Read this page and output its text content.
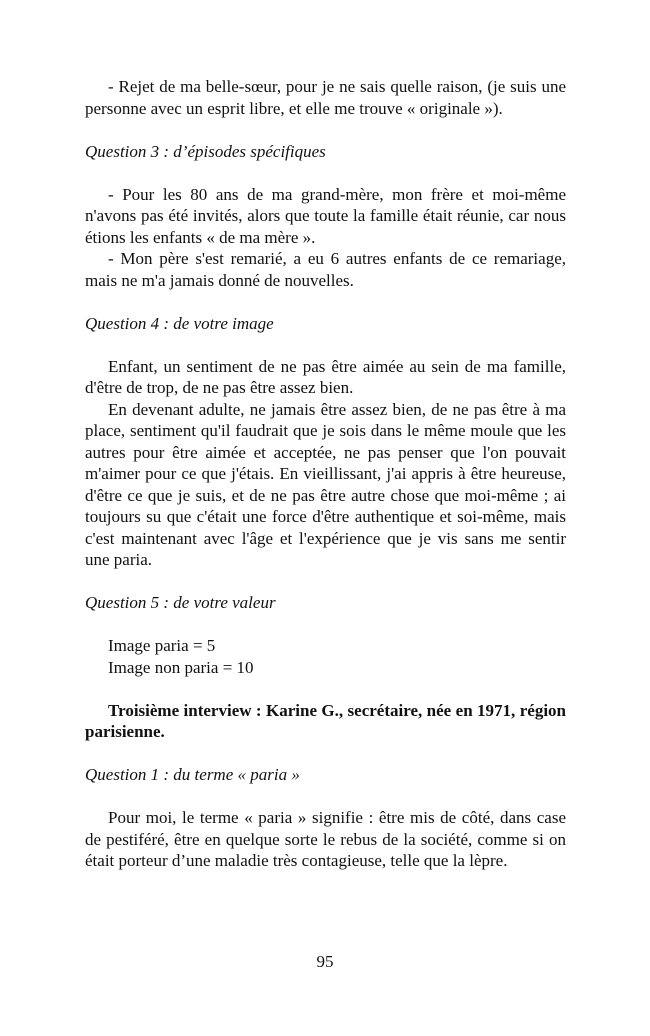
- Rejet de ma belle-sœur, pour je ne sais quelle raison, (je suis une personne avec un esprit libre, et elle me trouve « originale »).

Question 3 : d’épisodes spécifiques

- Pour les 80 ans de ma grand-mère, mon frère et moi-même n'avons pas été invités, alors que toute la famille était réunie, car nous étions les enfants « de ma mère ».

- Mon père s'est remarié, a eu 6 autres enfants de ce remariage, mais ne m'a jamais donné de nouvelles.

Question 4 : de votre image

Enfant, un sentiment de ne pas être aimée au sein de ma famille, d'être de trop, de ne pas être assez bien.

En devenant adulte, ne jamais être assez bien, de ne pas être à ma place, sentiment qu'il faudrait que je sois dans le même moule que les autres pour être aimée et acceptée, ne pas penser que l'on pouvait m'aimer pour ce que j'étais. En vieillissant, j'ai appris à être heureuse, d'être ce que je suis, et de ne pas être autre chose que moi-même ; ai toujours su que c'était une force d'être authentique et soi-même, mais c'est maintenant avec l'âge et l'expérience que je vis sans me sentir une paria.

Question 5 : de votre valeur

Image paria = 5

Image non paria = 10

Troisième interview : Karine G., secrétaire, née en 1971, région parisienne.

Question 1 : du terme « paria »

Pour moi, le terme « paria » signifie : être mis de côté, dans case de pestiféré, être en quelque sorte le rebus de la société, comme si on était porteur d’une maladie très contagieuse, telle que la lèpre.

95
